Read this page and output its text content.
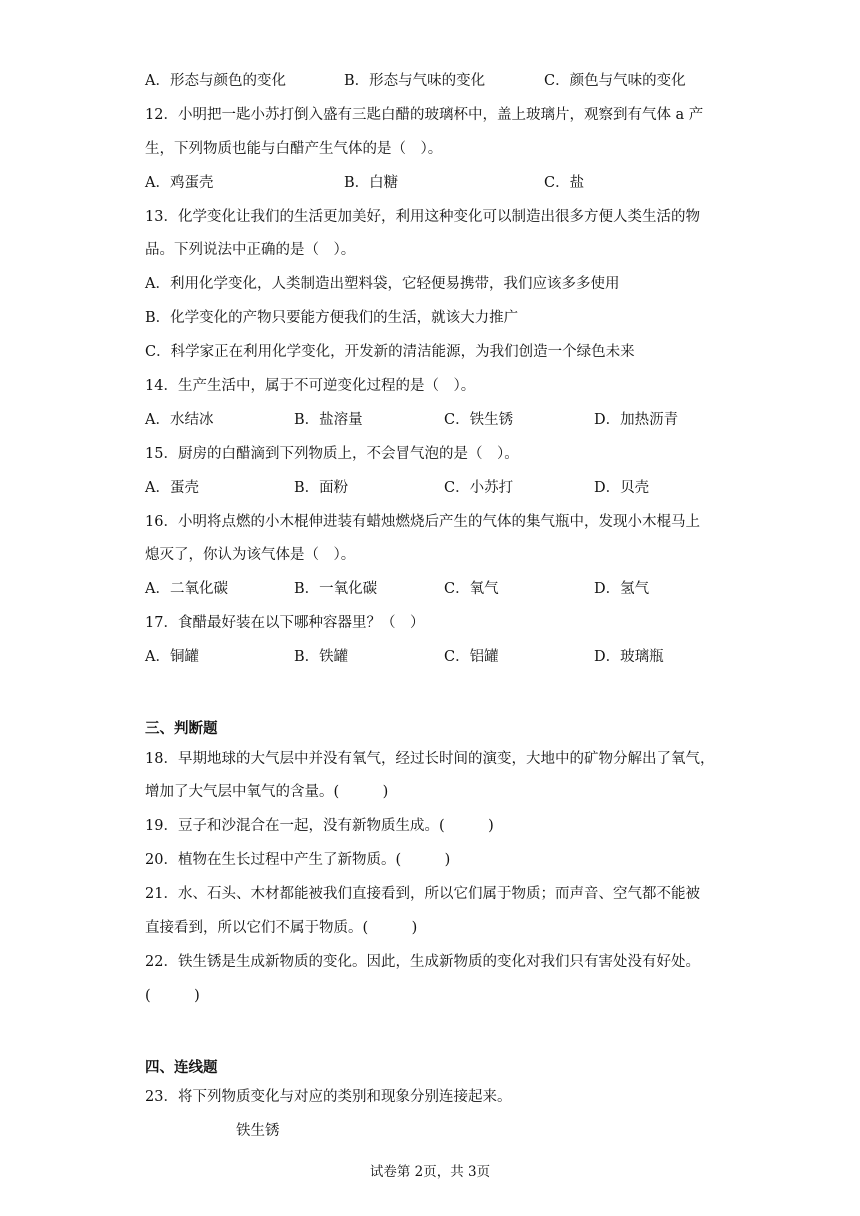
A．形态与颜色的变化	B．形态与气味的变化	C．颜色与气味的变化
12．小明把一匙小苏打倒入盛有三匙白醋的玻璃杯中，盖上玻璃片，观察到有气体 a 产
生，下列物质也能与白醋产生气体的是（　）。
A．鸡蛋壳	B．白糖	C．盐
13．化学变化让我们的生活更加美好，利用这种变化可以制造出很多方便人类生活的物
品。下列说法中正确的是（　）。
A．利用化学变化，人类制造出塑料袋，它轻便易携带，我们应该多多使用
B．化学变化的产物只要能方便我们的生活，就该大力推广
C．科学家正在利用化学变化，开发新的清洁能源，为我们创造一个绿色未来
14．生产生活中，属于不可逆变化过程的是（　）。
A．水结冰	B．盐溶量	C．铁生锈	D．加热沥青
15．厨房的白醋滴到下列物质上，不会冒气泡的是（　）。
A．蛋壳	B．面粉	C．小苏打	D．贝壳
16．小明将点燃的小木棍伸进装有蜡烛燃烧后产生的气体的集气瓶中，发现小木棍马上
熄灭了，你认为该气体是（　）。
A．二氧化碳	B．一氧化碳	C．氧气	D．氢气
17．食醋最好装在以下哪种容器里？（　）
A．铜罐	B．铁罐	C．铝罐	D．玻璃瓶
三、判断题
18．早期地球的大气层中并没有氧气，经过长时间的演变，大地中的矿物分解出了氧气，
增加了大气层中氧气的含量。(　　　)
19．豆子和沙混合在一起，没有新物质生成。(　　　)
20．植物在生长过程中产生了新物质。(　　　)
21．水、石头、木材都能被我们直接看到，所以它们属于物质；而声音、空气都不能被
直接看到，所以它们不属于物质。(　　　)
22．铁生锈是生成新物质的变化。因此，生成新物质的变化对我们只有害处没有好处。
(　　　)
四、连线题
23．将下列物质变化与对应的类别和现象分别连接起来。
铁生锈
试卷第 2页，共 3页
